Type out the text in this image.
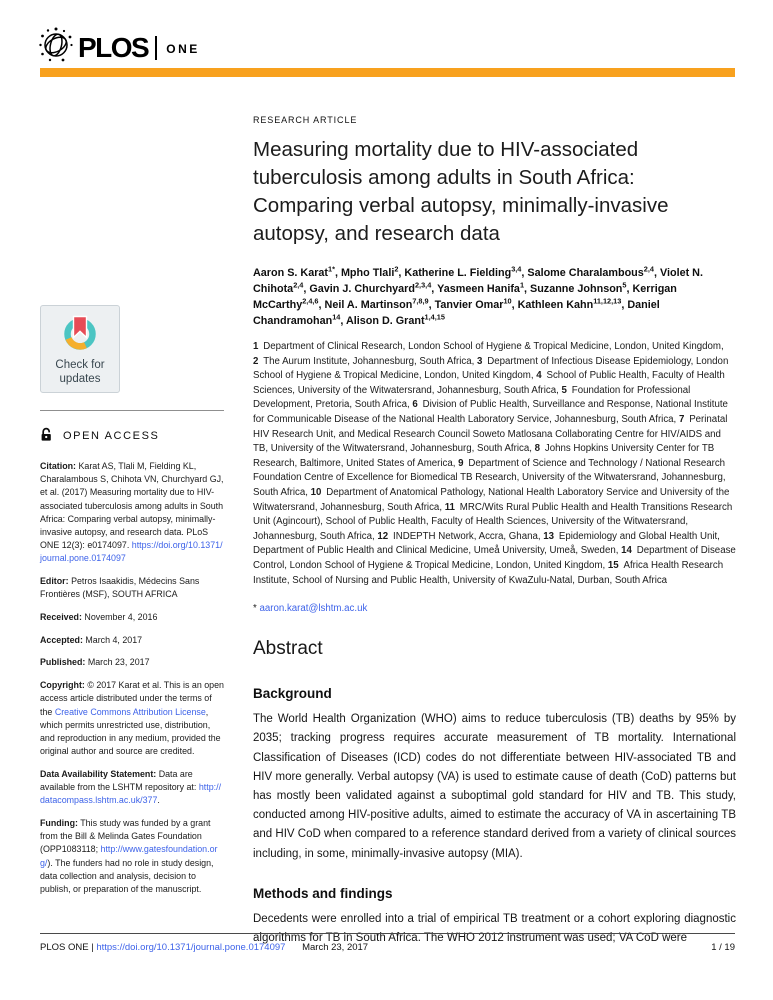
PLOS ONE
Check for
updates
OPEN ACCESS

Citation: Karat AS, Tlali M, Fielding KL, Charalambous S, Chihota VN, Churchyard GJ, et al. (2017) Measuring mortality due to HIV-associated tuberculosis among adults in South Africa: Comparing verbal autopsy, minimally-invasive autopsy, and research data. PLoS ONE 12(3): e0174097. https://doi.org/10.1371/journal.pone.0174097

Editor: Petros Isaakidis, Médecins Sans Frontières (MSF), SOUTH AFRICA

Received: November 4, 2016

Accepted: March 4, 2017

Published: March 23, 2017

Copyright: © 2017 Karat et al. This is an open access article distributed under the terms of the Creative Commons Attribution License, which permits unrestricted use, distribution, and reproduction in any medium, provided the original author and source are credited.

Data Availability Statement: Data are available from the LSHTM repository at: http://datacompass.lshtm.ac.uk/377.

Funding: This study was funded by a grant from the Bill & Melinda Gates Foundation (OPP1083118; http://www.gatesfoundation.org/). The funders had no role in study design, data collection and analysis, decision to publish, or preparation of the manuscript.

RESEARCH ARTICLE

Measuring mortality due to HIV-associated tuberculosis among adults in South Africa: Comparing verbal autopsy, minimally-invasive autopsy, and research data

Aaron S. Karat$^{1*}$, Mpho Tlali$^2$, Katherine L. Fielding$^{3,4}$, Salome Charalambous$^{2,4}$, Violet N. Chihota$^{2,4}$, Gavin J. Churchyard$^{2,3,4}$, Yasmeen Hanifa$^1$, Suzanne Johnson$^5$, Kerrigan McCarthy$^{2,4,6}$, Neil A. Martinson$^{7,8,9}$, Tanvier Omar$^{10}$, Kathleen Kahn$^{11,12,13}$, Daniel Chandramohan$^{14}$, Alison D. Grant$^{1,4,15}$

1 Department of Clinical Research, London School of Hygiene & Tropical Medicine, London, United Kingdom, 2 The Aurum Institute, Johannesburg, South Africa, 3 Department of Infectious Disease Epidemiology, London School of Hygiene & Tropical Medicine, London, United Kingdom, 4 School of Public Health, Faculty of Health Sciences, University of the Witwatersrand, Johannesburg, South Africa, 5 Foundation for Professional Development, Pretoria, South Africa, 6 Division of Public Health, Surveillance and Response, National Institute for Communicable Disease of the National Health Laboratory Service, Johannesburg, South Africa, 7 Perinatal HIV Research Unit, and Medical Research Council Soweto Matlosana Collaborating Centre for HIV/AIDS and TB, University of the Witwatersrand, Johannesburg, South Africa, 8 Johns Hopkins University Center for TB Research, Baltimore, United States of America, 9 Department of Science and Technology / National Research Foundation Centre of Excellence for Biomedical TB Research, University of the Witwatersrand, Johannesburg, South Africa, 10 Department of Anatomical Pathology, National Health Laboratory Service and University of the Witwatersrand, Johannesburg, South Africa, 11 MRC/Wits Rural Public Health and Health Transitions Research Unit (Agincourt), School of Public Health, Faculty of Health Sciences, University of the Witwatersrand, Johannesburg, South Africa, 12 INDEPTH Network, Accra, Ghana, 13 Epidemiology and Global Health Unit, Department of Public Health and Clinical Medicine, Umeå University, Umeå, Sweden, 14 Department of Disease Control, London School of Hygiene & Tropical Medicine, London, United Kingdom, 15 Africa Health Research Institute, School of Nursing and Public Health, University of KwaZulu-Natal, Durban, South Africa

* aaron.karat@lshtm.ac.uk

Abstract
Background

The World Health Organization (WHO) aims to reduce tuberculosis (TB) deaths by 95% by 2035; tracking progress requires accurate measurement of TB mortality. International Classification of Diseases (ICD) codes do not differentiate between HIV-associated TB and HIV more generally. Verbal autopsy (VA) is used to estimate cause of death (CoD) patterns but has mostly been validated against a suboptimal gold standard for HIV and TB. This study, conducted among HIV-positive adults, aimed to estimate the accuracy of VA in ascertaining TB and HIV CoD when compared to a reference standard derived from a variety of clinical sources including, in some, minimally-invasive autopsy (MIA).

Methods and findings

Decedents were enrolled into a trial of empirical TB treatment or a cohort exploring diagnostic algorithms for TB in South Africa. The WHO 2012 instrument was used; VA CoD were

PLOS ONE | https://doi.org/10.1371/journal.pone.0174097 March 23, 2017	1 / 19
